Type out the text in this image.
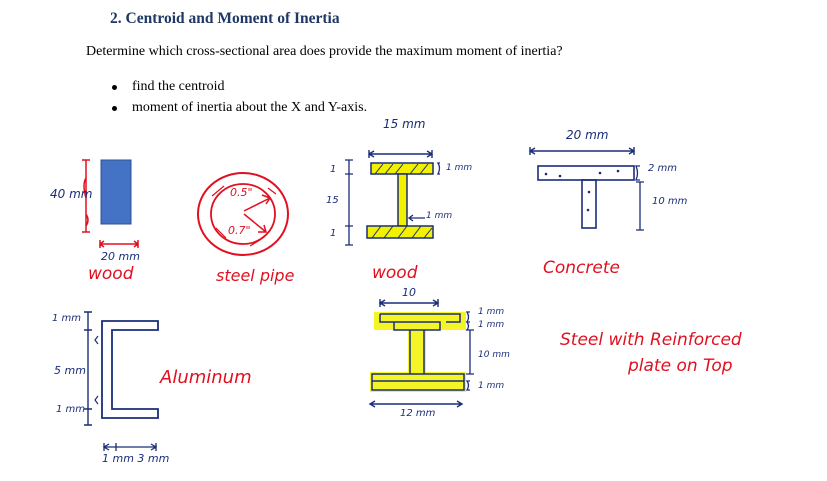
2. Centroid and Moment of Inertia
Determine which cross-sectional area does provide the maximum moment of inertia?
find the centroid
moment of inertia about the X and Y-axis.
40 mm
20 mm
wood
0.5"
0.7"
steel pipe
15 mm
1 mm
1 mm
1
15
1
wood
20 mm
2 mm
10 mm
Concrete
1 mm
5 mm
1 mm
1 mm 3 mm
Aluminum
10
1 mm
1 mm
10 mm
1 mm
12 mm
Steel with Reinforced
plate on Top
